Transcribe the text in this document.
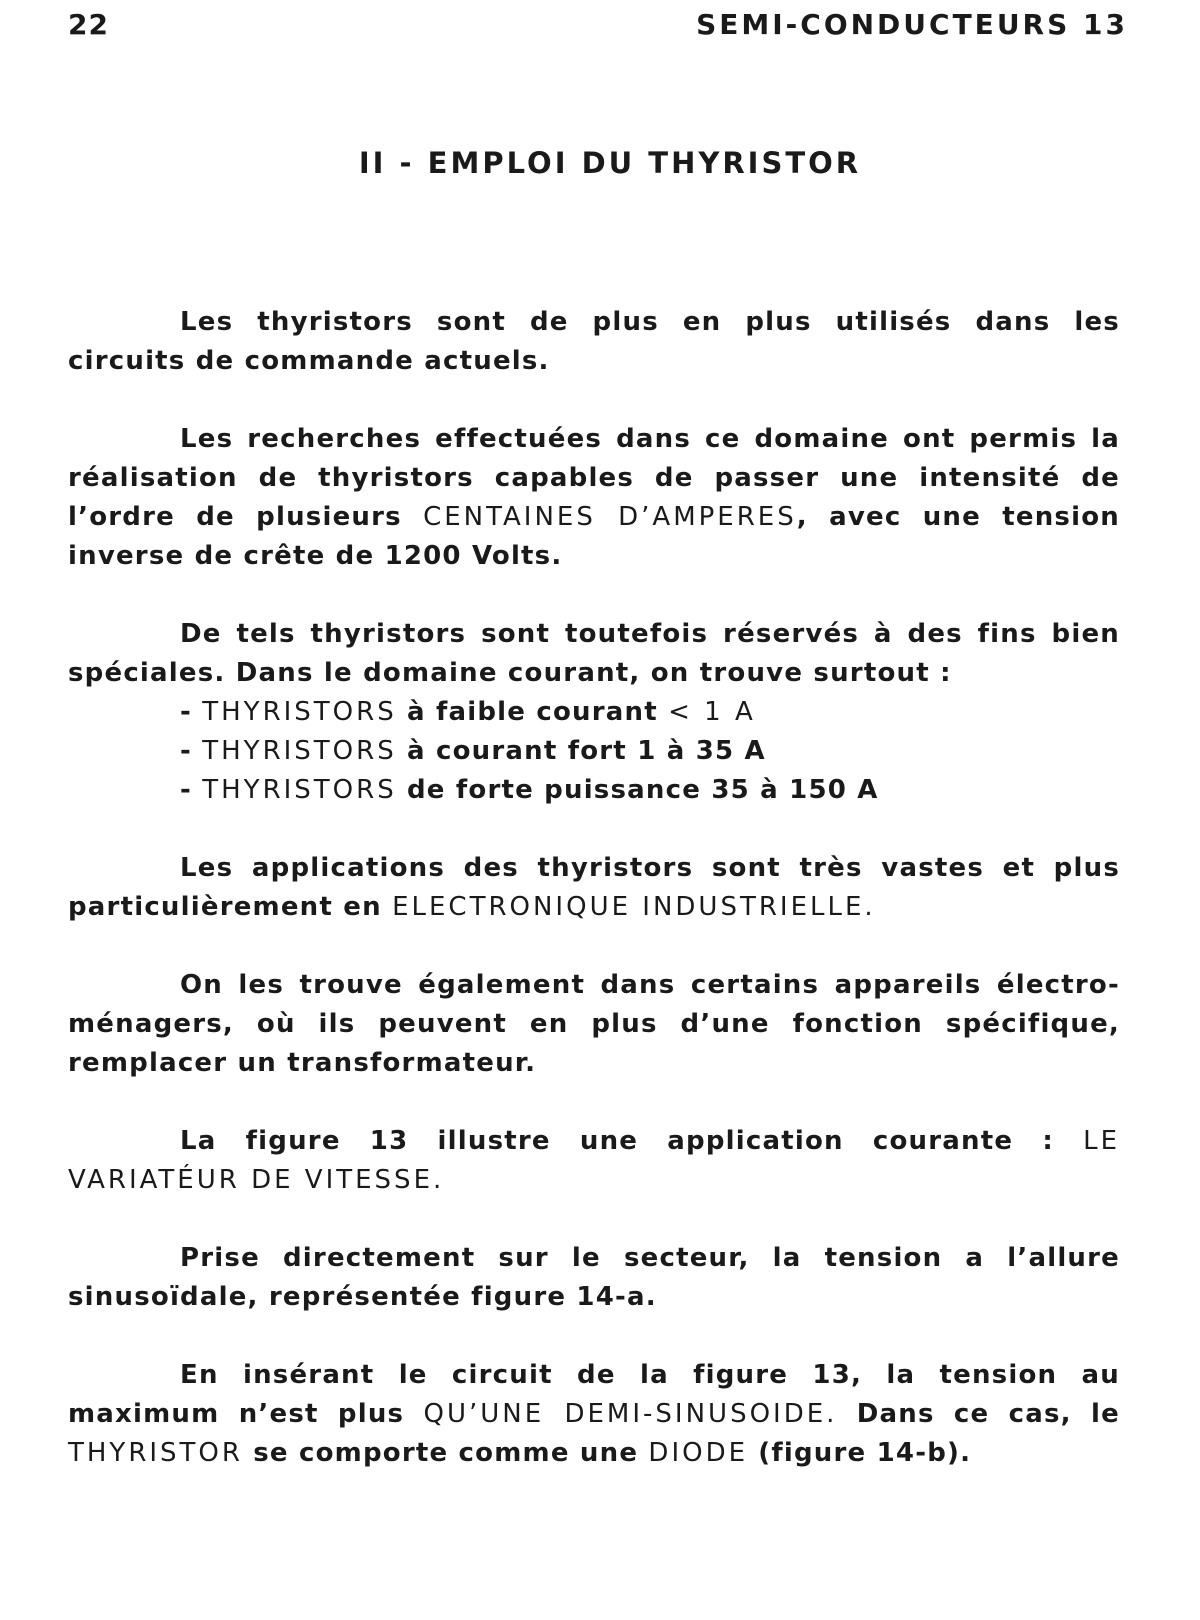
22	SEMI-CONDUCTEURS 13
II - EMPLOI DU THYRISTOR

Les thyristors sont de plus en plus utilisés dans les circuits de commande actuels.

Les recherches effectuées dans ce domaine ont permis la réalisation de thyristors capables de passer une intensité de l’ordre de plusieurs CENTAINES D’AMPERES, avec une tension inverse de crête de 1200 Volts.

De tels thyristors sont toutefois réservés à des fins bien spéciales. Dans le domaine courant, on trouve surtout :

- THYRISTORS à faible courant < 1 A
- THYRISTORS à courant fort 1 à 35 A
- THYRISTORS de forte puissance 35 à 150 A

Les applications des thyristors sont très vastes et plus particulièrement en ELECTRONIQUE INDUSTRIELLE.

On les trouve également dans certains appareils électro-ménagers, où ils peuvent en plus d’une fonction spécifique, remplacer un transformateur.

La figure 13 illustre une application courante : LE VARIATÉUR DE VITESSE.

Prise directement sur le secteur, la tension a l’allure sinusoïdale, représentée figure 14-a.

En insérant le circuit de la figure 13, la tension au maximum n’est plus QU’UNE DEMI-SINUSOIDE. Dans ce cas, le THYRISTOR se comporte comme une DIODE (figure 14-b).
